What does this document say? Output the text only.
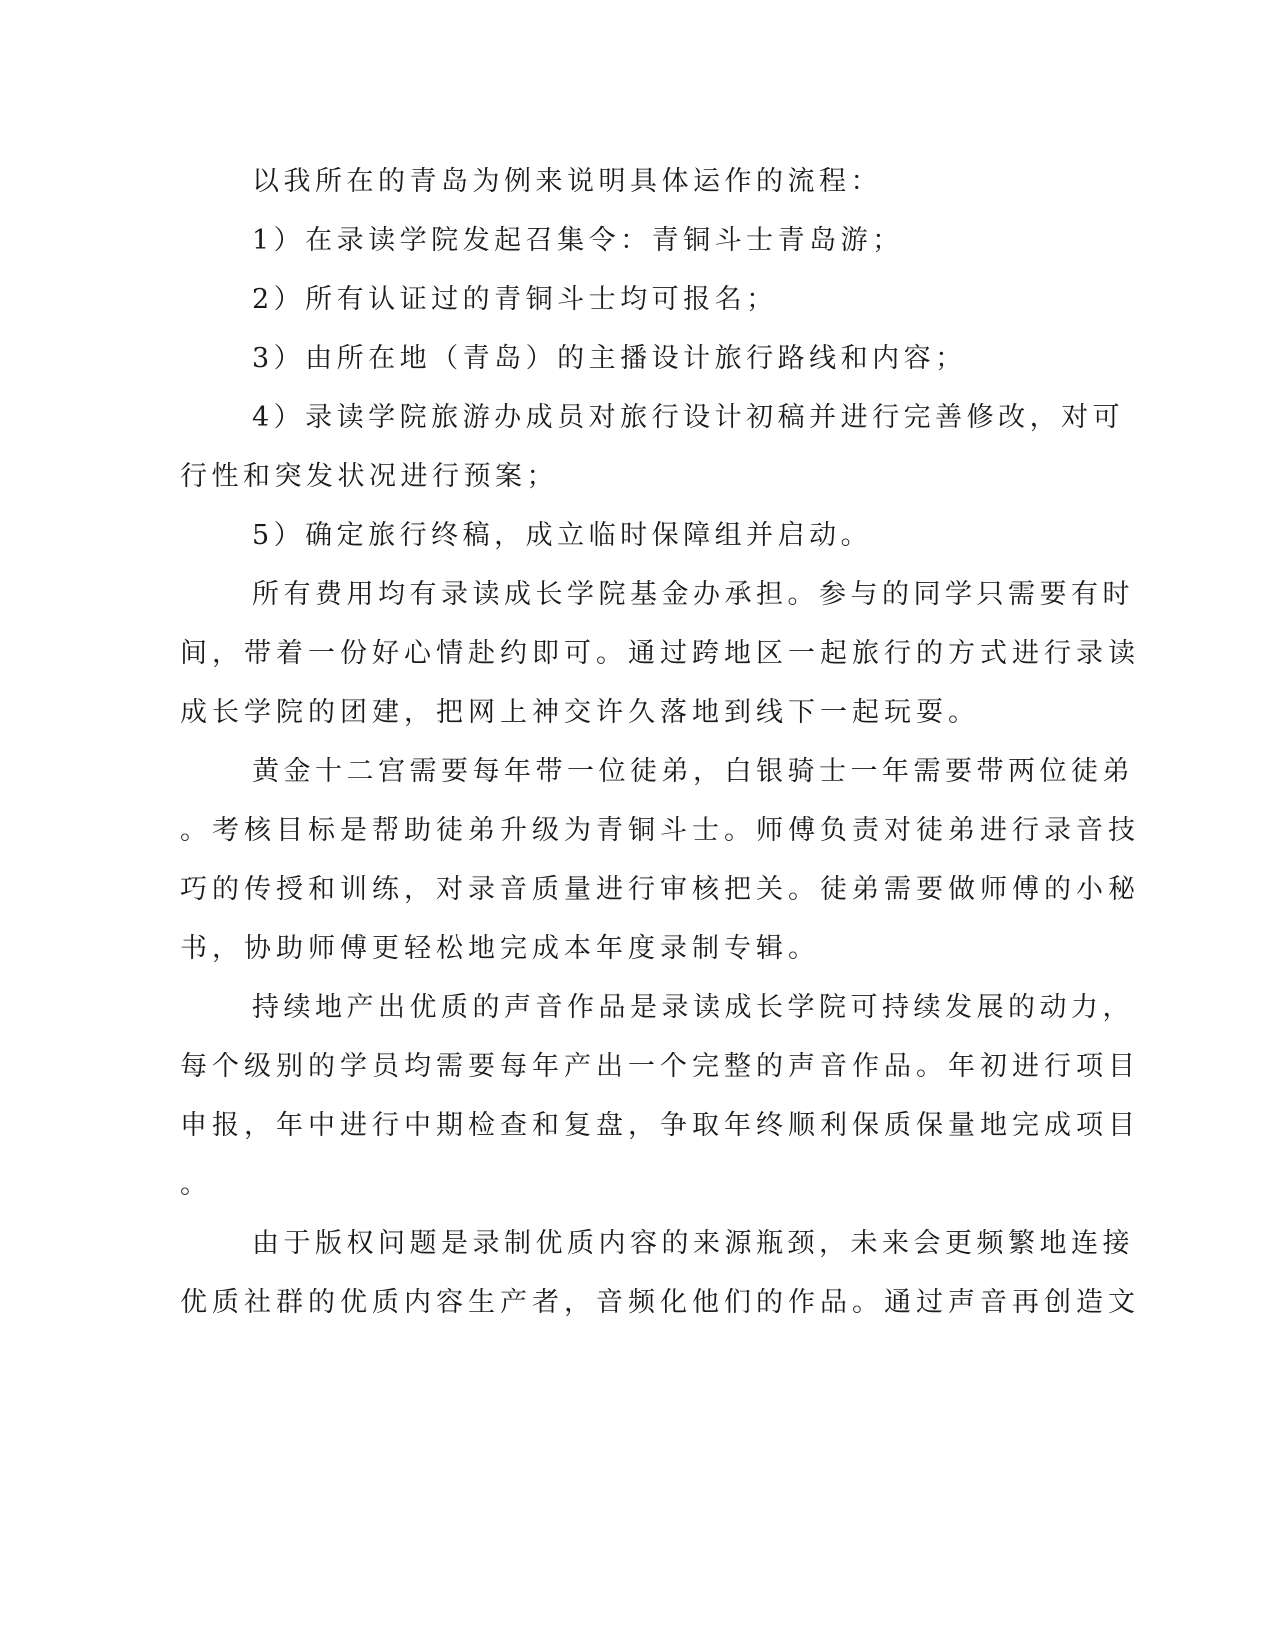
以我所在的青岛为例来说明具体运作的流程：

1）在录读学院发起召集令：青铜斗士青岛游；

2）所有认证过的青铜斗士均可报名；

3）由所在地（青岛）的主播设计旅行路线和内容；

4）录读学院旅游办成员对旅行设计初稿并进行完善修改，对可

行性和突发状况进行预案；

5）确定旅行终稿，成立临时保障组并启动。

所有费用均有录读成长学院基金办承担。参与的同学只需要有时

间，带着一份好心情赴约即可。通过跨地区一起旅行的方式进行录读

成长学院的团建，把网上神交许久落地到线下一起玩耍。

黄金十二宫需要每年带一位徒弟，白银骑士一年需要带两位徒弟

。考核目标是帮助徒弟升级为青铜斗士。师傅负责对徒弟进行录音技

巧的传授和训练，对录音质量进行审核把关。徒弟需要做师傅的小秘

书，协助师傅更轻松地完成本年度录制专辑。

持续地产出优质的声音作品是录读成长学院可持续发展的动力，

每个级别的学员均需要每年产出一个完整的声音作品。年初进行项目

申报，年中进行中期检查和复盘，争取年终顺利保质保量地完成项目

。

由于版权问题是录制优质内容的来源瓶颈，未来会更频繁地连接

优质社群的优质内容生产者，音频化他们的作品。通过声音再创造文
